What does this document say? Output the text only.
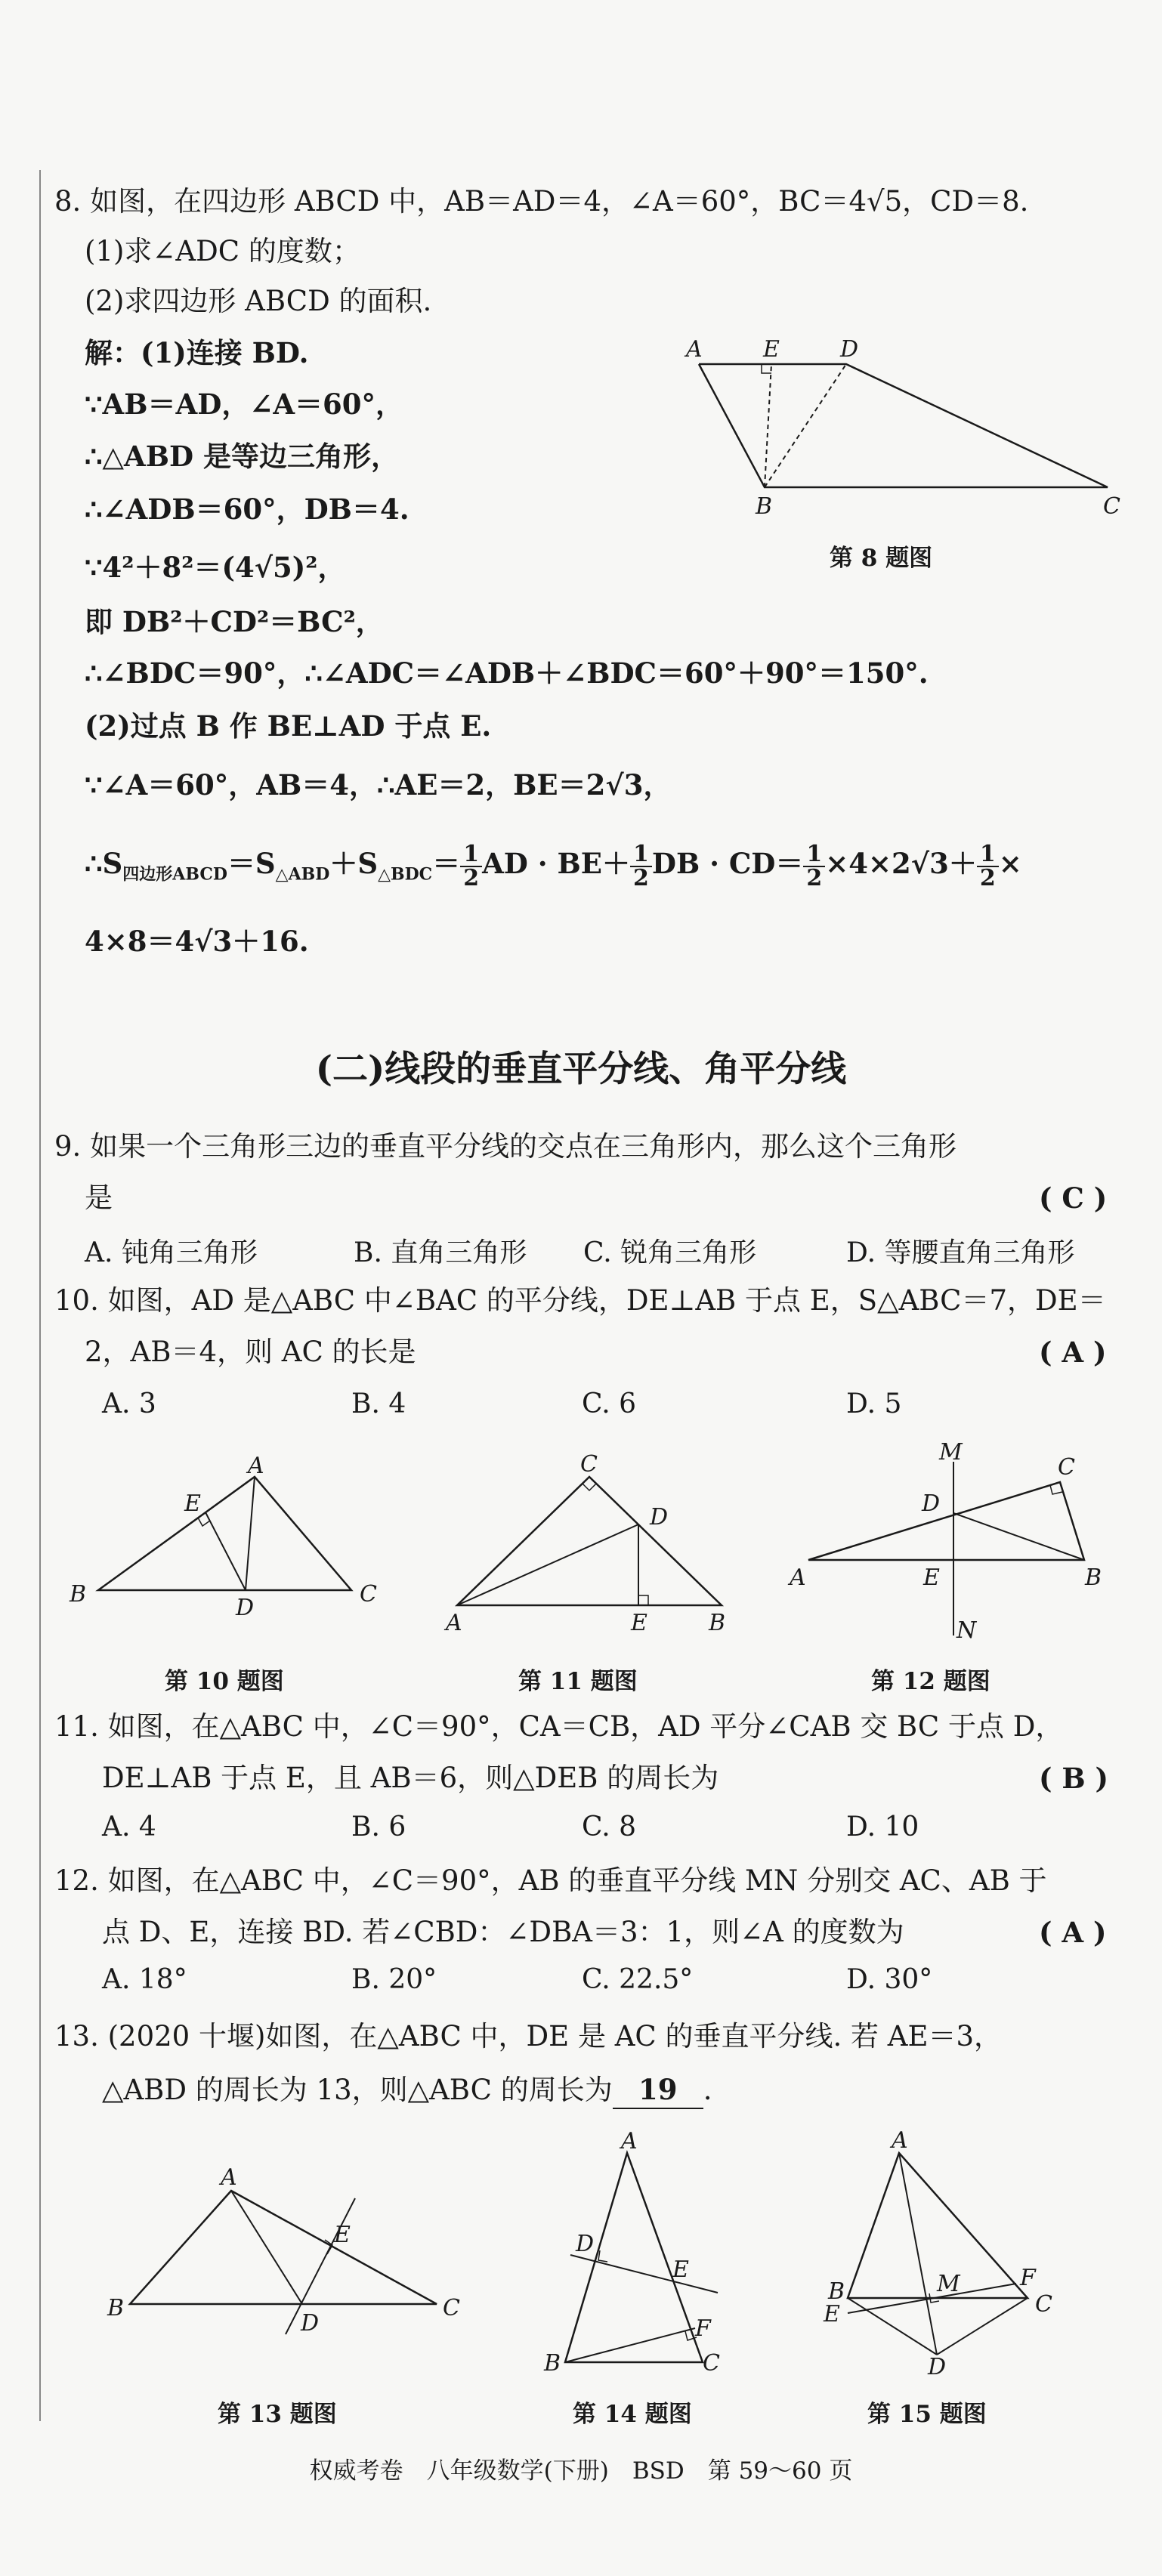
8. 如图，在四边形 ABCD 中，AB＝AD＝4，∠A＝60°，BC＝4√5，CD＝8.
(1)求∠ADC 的度数；
(2)求四边形 ABCD 的面积.
解：(1)连接 BD.
∵AB＝AD，∠A＝60°，
∴△ABD 是等边三角形，
∴∠ADB＝60°，DB＝4.
∵4²＋8²＝(4√5)²，
即 DB²＋CD²＝BC²，
∴∠BDC＝90°，∴∠ADC＝∠ADB＋∠BDC＝60°＋90°＝150°.
(2)过点 B 作 BE⊥AD 于点 E.
∵∠A＝60°，AB＝4，∴AE＝2，BE＝2√3，
$\therefore S_{四边形ABCD}=S_{\triangle ABD}+S_{\triangle BDC}= \frac{1}{2}$ AD · $BE+ \frac{1}{2}$ DB · $CD= \frac{1}{2} \times 4\times 2√3+ \frac{1}{2}$ ×
4×8＝4√3＋16.
A	E	D
B	C
第 8 题图
(二)线段的垂直平分线、角平分线
9. 如果一个三角形三边的垂直平分线的交点在三角形内，那么这个三角形
是	( C )
A. 钝角三角形	B. 直角三角形 C. 锐角三角形	D. 等腰直角三角形
10. 如图，AD 是△ABC 中∠BAC 的平分线，DE⊥AB 于点 E，S△ABC＝7，DE＝
2，AB＝4，则 AC 的长是	( A )
A. 3	B. 4	C. 6	D. 5
A
E
B
D
C
C
D
A	E	B
M
C
D
A	E	B
N
第 10 题图	第 11 题图	第 12 题图
11. 如图，在△ABC 中，∠C＝90°，CA＝CB，AD 平分∠CAB 交 BC 于点 D，
DE⊥AB 于点 E，且 AB＝6，则△DEB 的周长为	( B )
A. 4	B. 6	C. 8	D. 10
12. 如图，在△ABC 中，∠C＝90°，AB 的垂直平分线 MN 分别交 AC、AB 于
点 D、E，连接 BD. 若∠CBD：∠DBA＝3：1，则∠A 的度数为	( A )
A. 18°	B. 20°	C. 22.5°	D. 30°
13. (2020 十堰)如图，在△ABC 中，DE 是 AC 的垂直平分线. 若 AE＝3，
△ABD 的周长为 13，则△ABC 的周长为 19 .
A
E
B
D
C
A
D
E
F
B	C
A
B	M	F
E	C
D
第 13 题图	第 14 题图	第 15 题图
权威考卷　八年级数学(下册)　BSD　第 59～60 页
